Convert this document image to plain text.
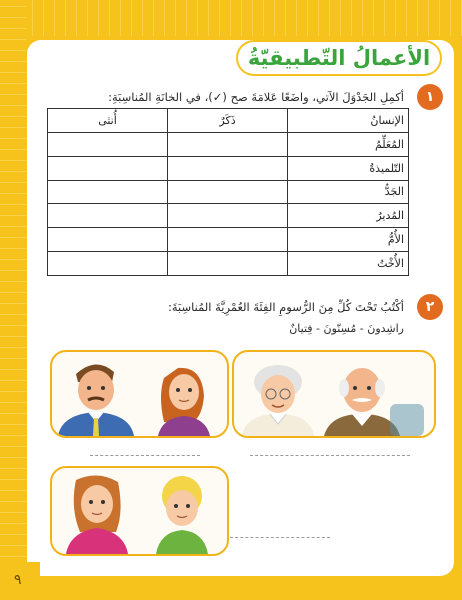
الأعمالُ التّطبيقيّةُ
١
أكمِلِ الجَدْوَلَ الآتي، واضَعًا عَلامَةَ صح (✓)، في الخانَةِ المُناسِبَةِ:
الإنسانُ	ذَكَرٌ	أُنثى
المُعَلِّمُ		
التّلميذةُ		
الجَدُّ		
المُديرُ		
الأُمُّ		
الأُخْتُ		
٢
أكْتُبُ تَحْتَ كُلِّ مِنَ الرُّسومِ الفِئَةَ العُمْرِيَّةَ المُناسِبَةَ:
راشِدونَ - مُسِنّونَ - فِتيانٌ
٩
